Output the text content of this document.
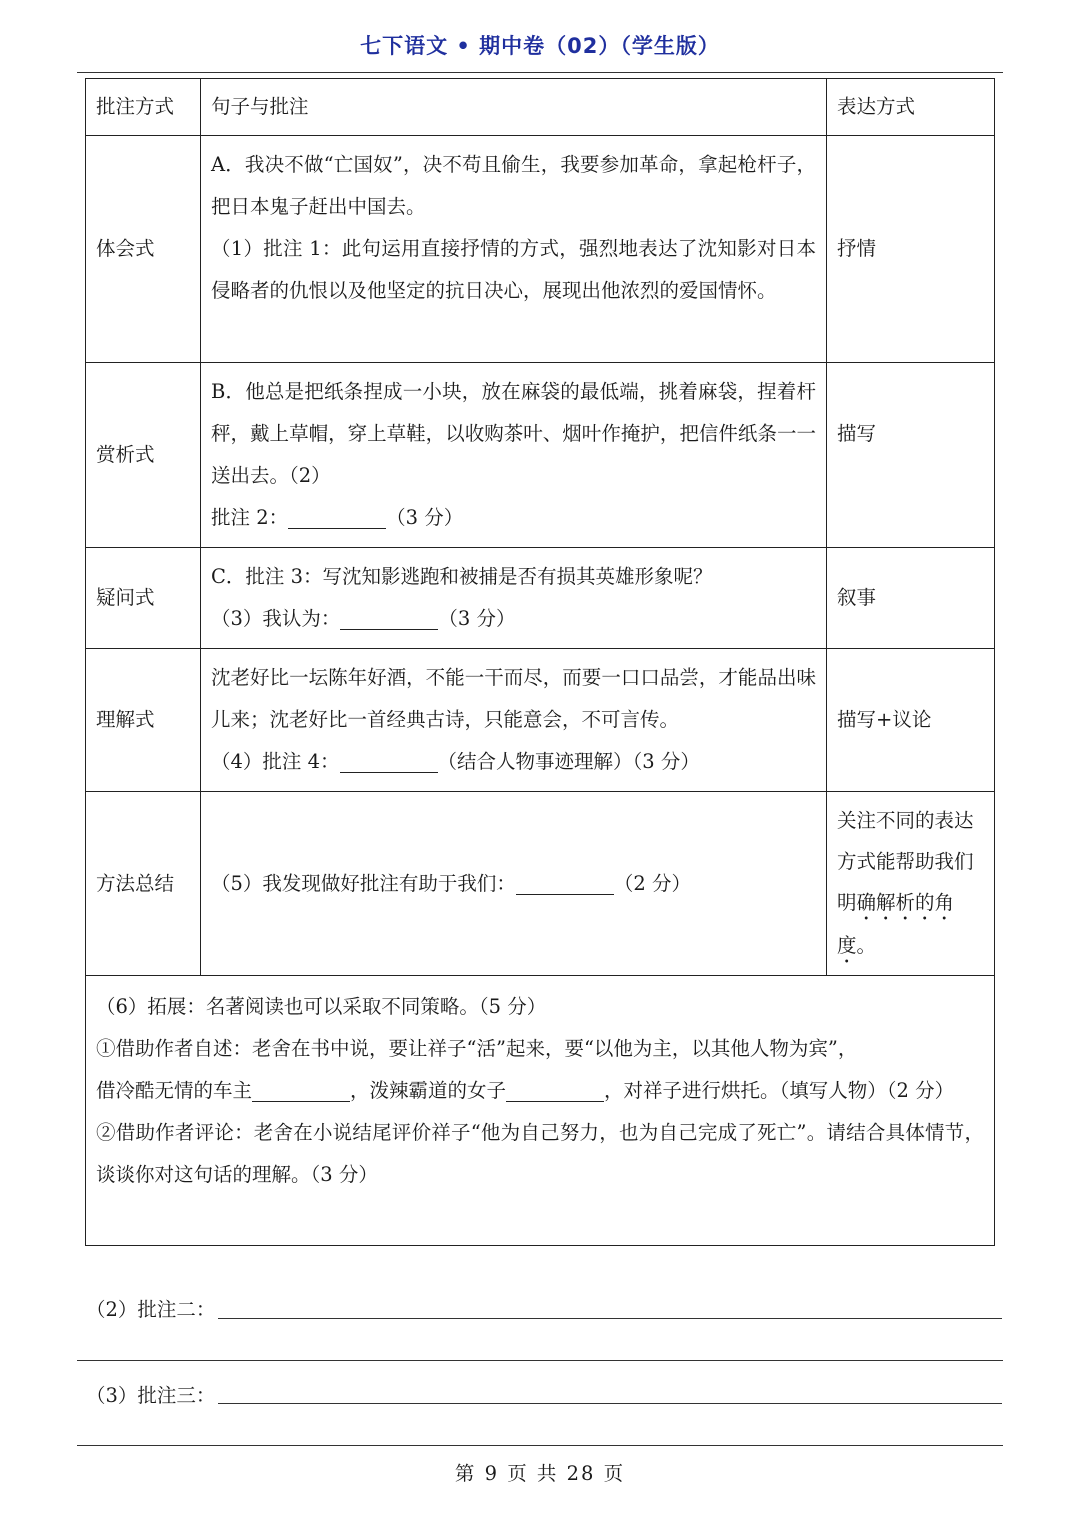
七下语文 • 期中卷（02）（学生版）
批注方式	句子与批注	表达方式
体会式	A．我决不做“亡国奴”，决不苟且偷生，我要参加革命，拿起枪杆子，把日本鬼子赶出中国去。
（1）批注 1：此句运用直接抒情的方式，强烈地表达了沈知影对日本侵略者的仇恨以及他坚定的抗日决心，展现出他浓烈的爱国情怀。	抒情
赏析式	B．他总是把纸条捏成一小块，放在麻袋的最低端，挑着麻袋，捏着杆秤，戴上草帽，穿上草鞋，以收购茶叶、烟叶作掩护，把信件纸条一一送出去。（2）
批注 2： （3 分）	描写
疑问式	C．批注 3：写沈知影逃跑和被捕是否有损其英雄形象呢？
（3）我认为： （3 分）	叙事
理解式	沈老好比一坛陈年好酒，不能一干而尽，而要一口口品尝，才能品出味儿来；沈老好比一首经典古诗，只能意会，不可言传。
（4）批注 4： （结合人物事迹理解）（3 分）	描写+议论
方法总结	（5）我发现做好批注有助于我们： （2 分）	关注不同的表达方式能帮助我们明确解析的角度。

（6）拓展：名著阅读也可以采取不同策略。（5 分）
①借助作者自述：老舍在书中说，要让祥子“活”起来，要“以他为主，以其他人物为宾”，
借冷酷无情的车主 ，泼辣霸道的女子 ，对祥子进行烘托。（填写人物）（2 分）
②借助作者评论：老舍在小说结尾评价祥子“他为自己努力，也为自己完成了死亡”。请结合具体情节，谈谈你对这句话的理解。（3 分）		
（2）批注二：
（3）批注三：
第 9 页 共 28 页
